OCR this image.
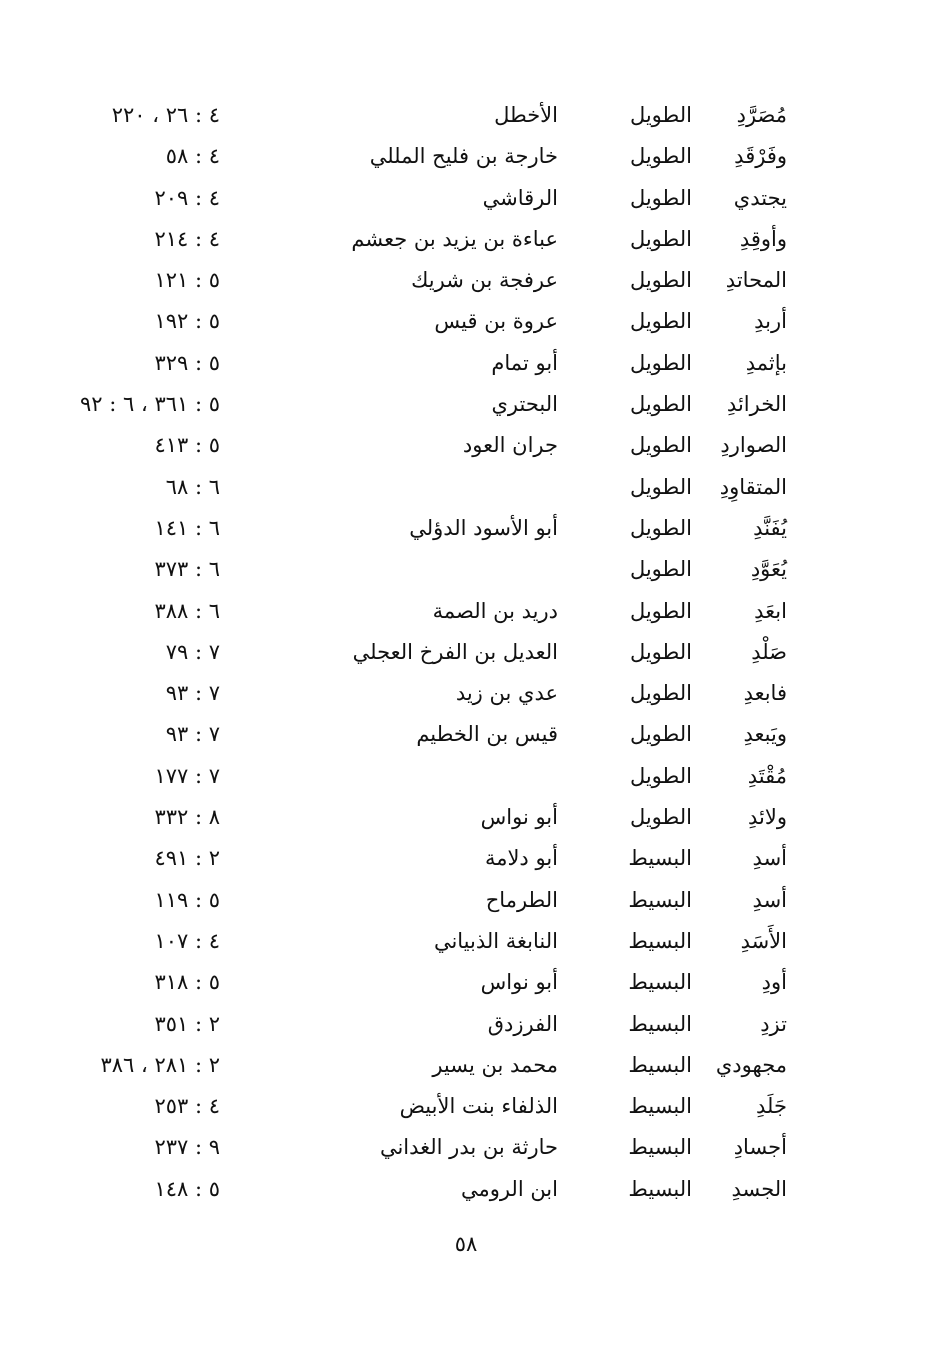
مُصَرَّدِ
الطويل
الأخطل
٤ : ٢٦ ، ٢٢٠
وفَرْقَدِ
الطويل
خارجة بن فليح المللي
٤ : ٥٨
يجتدي
الطويل
الرقاشي
٤ : ٢٠٩
وأوقِدِ
الطويل
عباءة بن يزيد بن جعشم
٤ : ٢١٤
المحاتدِ
الطويل
عرفجة بن شريك
٥ : ١٢١
أربدِ
الطويل
عروة بن قيس
٥ : ١٩٢
بإثمدِ
الطويل
أبو تمام
٥ : ٣٢٩
الخرائدِ
الطويل
البحتري
٥ : ٣٦١ ، ٦ : ٩٢
الصواردِ
الطويل
جران العود
٥ : ٤١٣
المتقاوِدِ
الطويل
٦ : ٦٨
يُفَنَّدِ
الطويل
أبو الأسود الدؤلي
٦ : ١٤١
يُعَوَّدِ
الطويل
٦ : ٣٧٣
ابعَدِ
الطويل
دريد بن الصمة
٦ : ٣٨٨
صَلْدِ
الطويل
العديل بن الفرخ العجلي
٧ : ٧٩
فابعدِ
الطويل
عدي بن زيد
٧ : ٩٣
ويَبعدِ
الطويل
قيس بن الخطيم
٧ : ٩٣
مُقْتَدِ
الطويل
٧ : ١٧٧
ولائدِ
الطويل
أبو نواس
٨ : ٣٣٢
أسدِ
البسيط
أبو دلامة
٢ : ٤٩١
أسدِ
البسيط
الطرماح
٥ : ١١٩
الأَسَدِ
البسيط
النابغة الذبياني
٤ : ١٠٧
أودِ
البسيط
أبو نواس
٥ : ٣١٨
تزدِ
البسيط
الفرزدق
٢ : ٣٥١
مجهودي
البسيط
محمد بن يسير
٢ : ٢٨١ ، ٣٨٦
جَلَدِ
البسيط
الذلفاء بنت الأبيض
٤ : ٢٥٣
أجسادِ
البسيط
حارثة بن بدر الغداني
٩ : ٢٣٧
الجسدِ
البسيط
ابن الرومي
٥ : ١٤٨
٥٨
